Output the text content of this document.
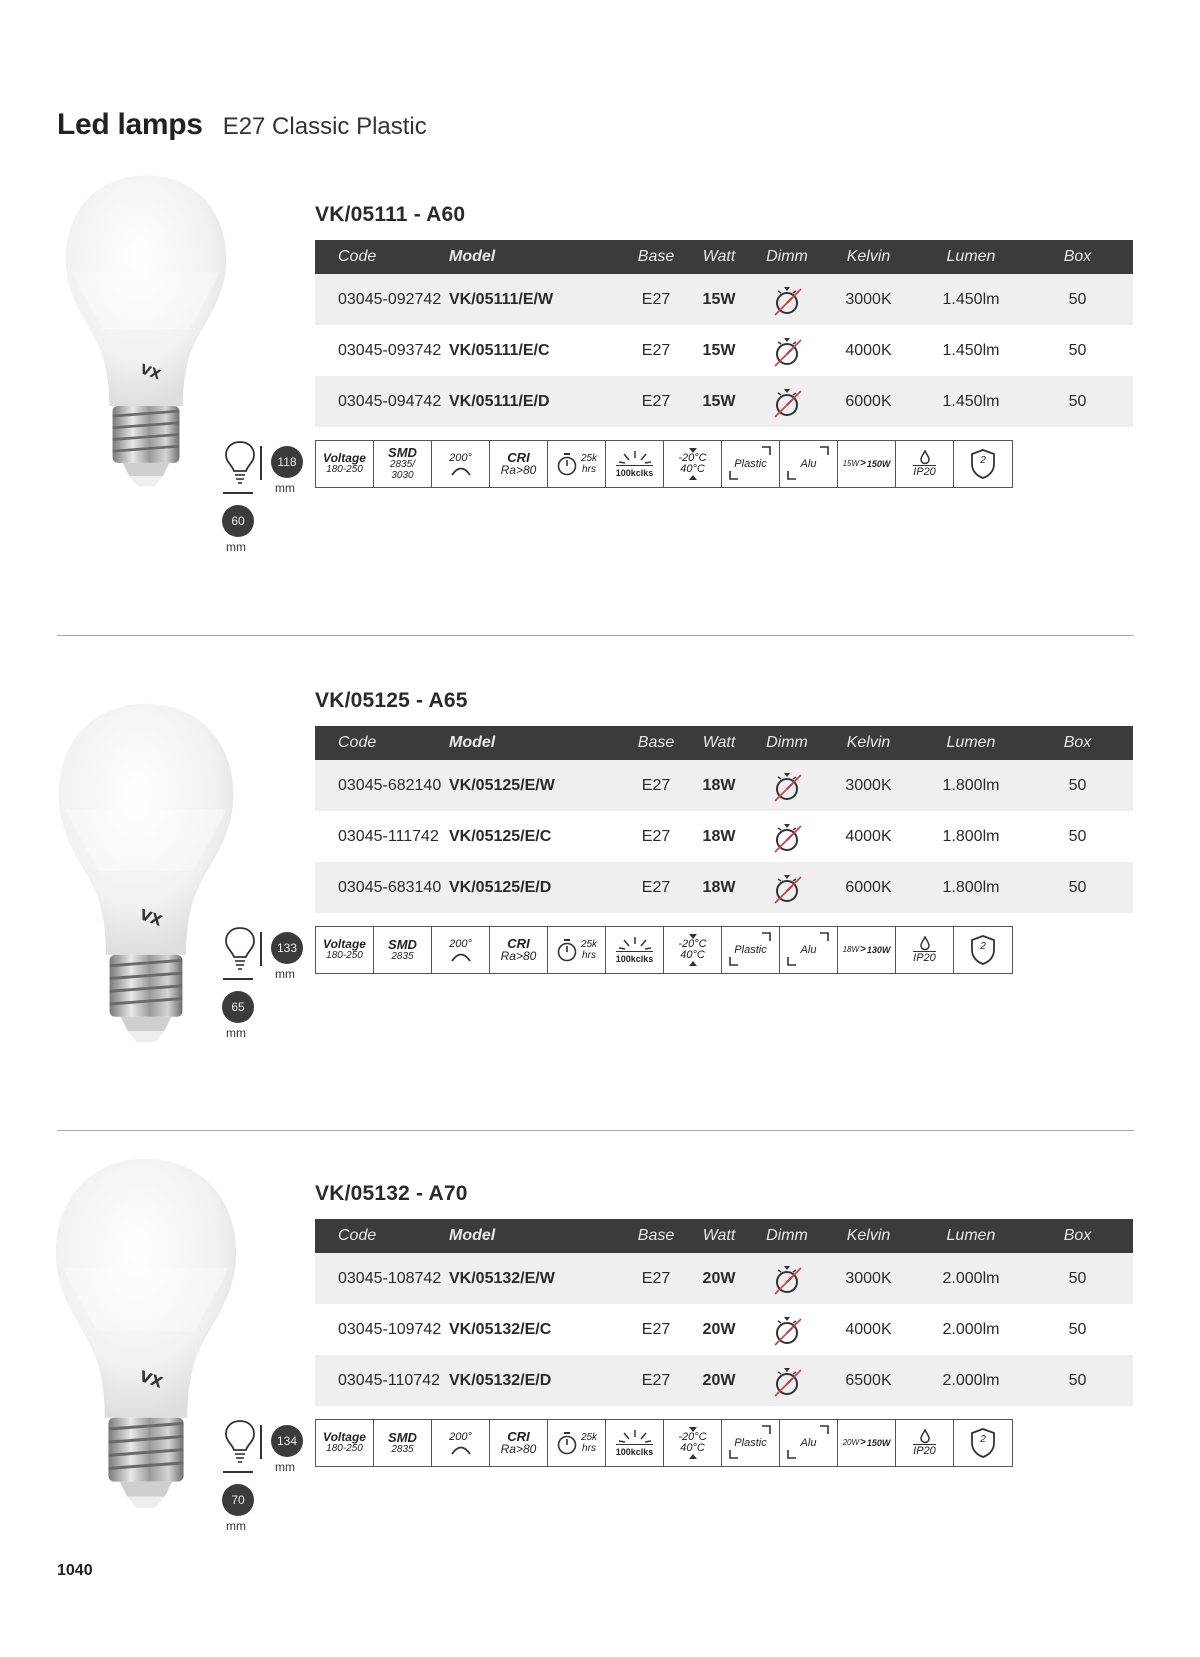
Led lamps E27 Classic Plastic
VX
VK/05111 - A60
Code	Model	Base	Watt	Dimm	Kelvin	Lumen	Box
03045-092742 VK/05111/E/W	E27	15W	3000K	1.450lm	50
03045-093742 VK/05111/E/C	E27	15W	4000K	1.450lm	50
03045-094742 VK/05111/E/D	E27	15W	6000K	1.450lm	50
Voltage
180-250
SMD
2835/
3030
200°	CRI
Ra>80
25k
hrs 100kclks
-20°C
40°C	Plastic	Alu	15W > 150W
IP20
2
118
mm
60
mm
VX
VK/05125 - A65
Code	Model	Base	Watt	Dimm	Kelvin	Lumen	Box
03045-682140 VK/05125/E/W	E27	18W	3000K	1.800lm	50
03045-111742 VK/05125/E/C	E27	18W	4000K	1.800lm	50
03045-683140 VK/05125/E/D	E27	18W	6000K	1.800lm	50
Voltage
180-250
SMD
2835
200°	CRI
Ra>80
25k
hrs 100kclks
-20°C
40°C	Plastic	Alu	18W > 130W
IP20
2
133
mm
65
mm
VX
VK/05132 - A70
Code	Model	Base	Watt	Dimm	Kelvin	Lumen	Box
03045-108742 VK/05132/E/W	E27	20W	3000K	2.000lm	50
03045-109742 VK/05132/E/C	E27	20W	4000K	2.000lm	50
03045-110742 VK/05132/E/D	E27	20W	6500K	2.000lm	50
Voltage
180-250
SMD
2835
200°	CRI
Ra>80
25k
hrs 100kclks
-20°C
40°C	Plastic	Alu	20W > 150W
IP20
2
134
mm
70
mm
1040
